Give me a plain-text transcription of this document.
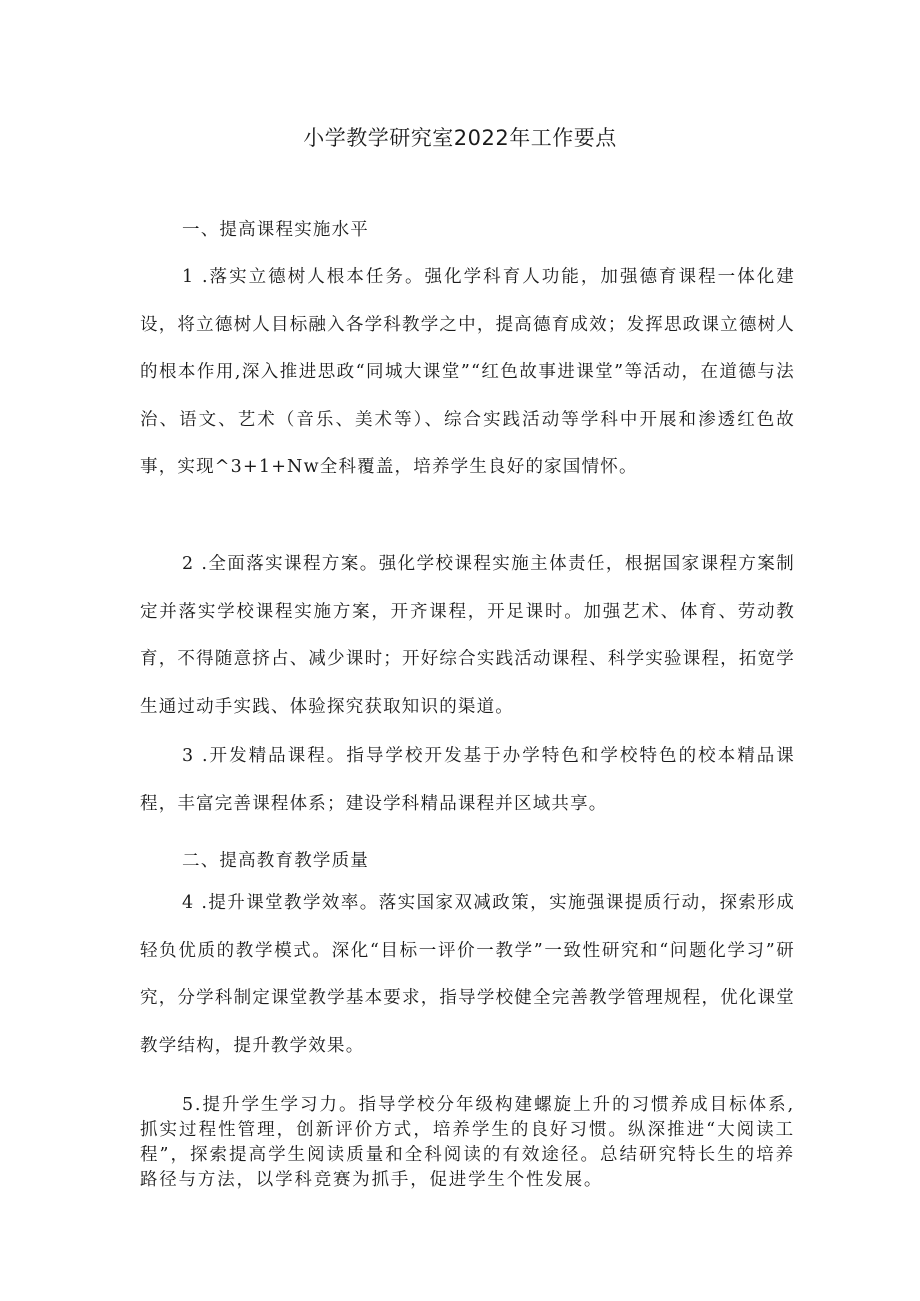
小学教学研究室2022年工作要点
一、提高课程实施水平
1 .落实立德树人根本任务。强化学科育人功能，加强德育课程一体化建设，将立德树人目标融入各学科教学之中，提高德育成效；发挥思政课立德树人的根本作用,深入推进思政“同城大课堂”“红色故事进课堂”等活动，在道德与法治、语文、艺术（音乐、美术等）、综合实践活动等学科中开展和渗透红色故事，实现^3+1+Nw全科覆盖，培养学生良好的家国情怀。
2 .全面落实课程方案。强化学校课程实施主体责任，根据国家课程方案制定并落实学校课程实施方案，开齐课程，开足课时。加强艺术、体育、劳动教育，不得随意挤占、减少课时；开好综合实践活动课程、科学实验课程，拓宽学生通过动手实践、体验探究获取知识的渠道。
3 .开发精品课程。指导学校开发基于办学特色和学校特色的校本精品课程，丰富完善课程体系；建设学科精品课程并区域共享。
二、提高教育教学质量
4 .提升课堂教学效率。落实国家双减政策，实施强课提质行动，探索形成轻负优质的教学模式。深化“目标一评价一教学”一致性研究和“问题化学习”研究，分学科制定课堂教学基本要求，指导学校健全完善教学管理规程，优化课堂教学结构，提升教学效果。
5.提升学生学习力。指导学校分年级构建螺旋上升的习惯养成目标体系,抓实过程性管理，创新评价方式，培养学生的良好习惯。纵深推进“大阅读工程”，探索提高学生阅读质量和全科阅读的有效途径。总结研究特长生的培养路径与方法，以学科竞赛为抓手，促进学生个性发展。
